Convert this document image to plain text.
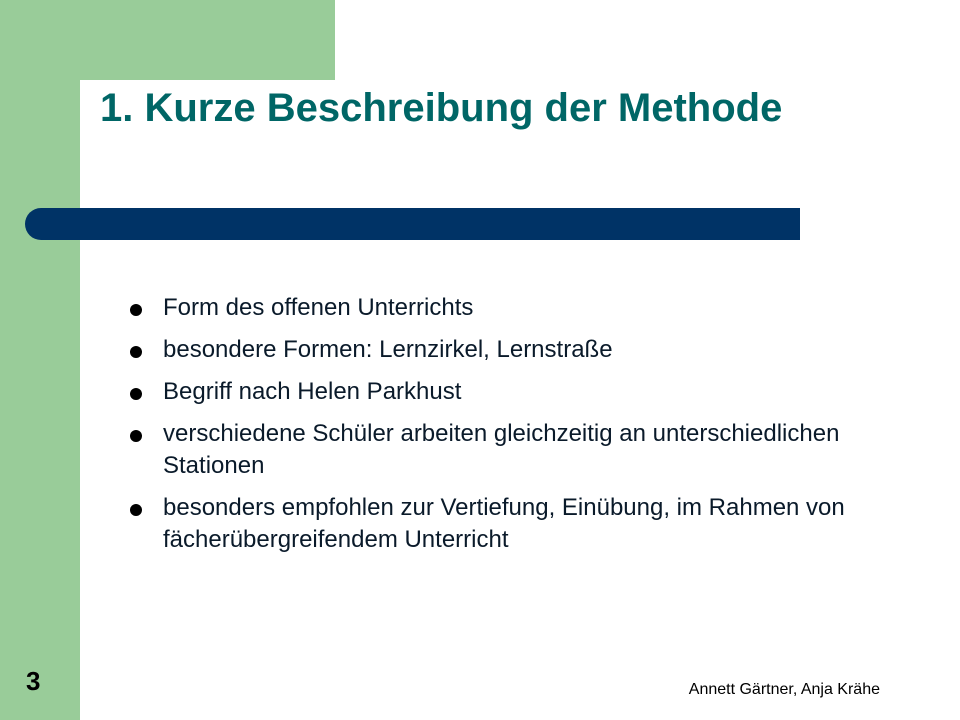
1. Kurze Beschreibung der Methode
Form des offenen Unterrichts
besondere Formen: Lernzirkel, Lernstraße
Begriff nach Helen Parkhust
verschiedene Schüler arbeiten gleichzeitig an unterschiedlichen Stationen
besonders empfohlen zur Vertiefung, Einübung, im Rahmen von fächerübergreifendem Unterricht
3	Annett Gärtner, Anja Krähe
